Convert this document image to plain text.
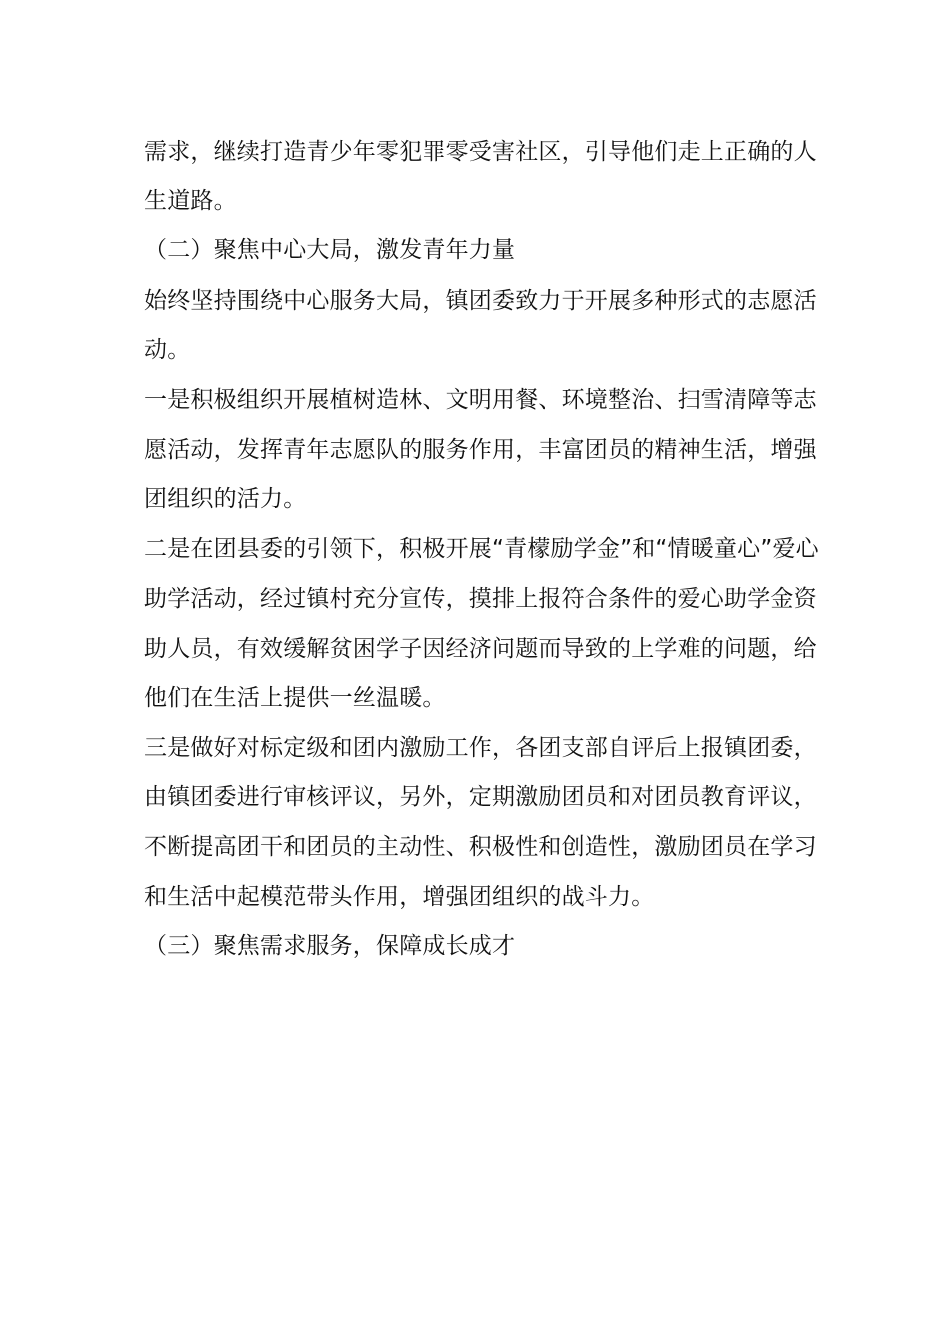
需求，继续打造青少年零犯罪零受害社区，引导他们走上正确的人
生道路。
（二）聚焦中心大局，激发青年力量
始终坚持围绕中心服务大局，镇团委致力于开展多种形式的志愿活
动。
一是积极组织开展植树造林、文明用餐、环境整治、扫雪清障等志
愿活动，发挥青年志愿队的服务作用，丰富团员的精神生活，增强
团组织的活力。
二是在团县委的引领下，积极开展“青檬励学金”和“情暖童心”爱心
助学活动，经过镇村充分宣传，摸排上报符合条件的爱心助学金资
助人员，有效缓解贫困学子因经济问题而导致的上学难的问题，给
他们在生活上提供一丝温暖。
三是做好对标定级和团内激励工作，各团支部自评后上报镇团委，
由镇团委进行审核评议，另外，定期激励团员和对团员教育评议，
不断提高团干和团员的主动性、积极性和创造性，激励团员在学习
和生活中起模范带头作用，增强团组织的战斗力。
（三）聚焦需求服务，保障成长成才
